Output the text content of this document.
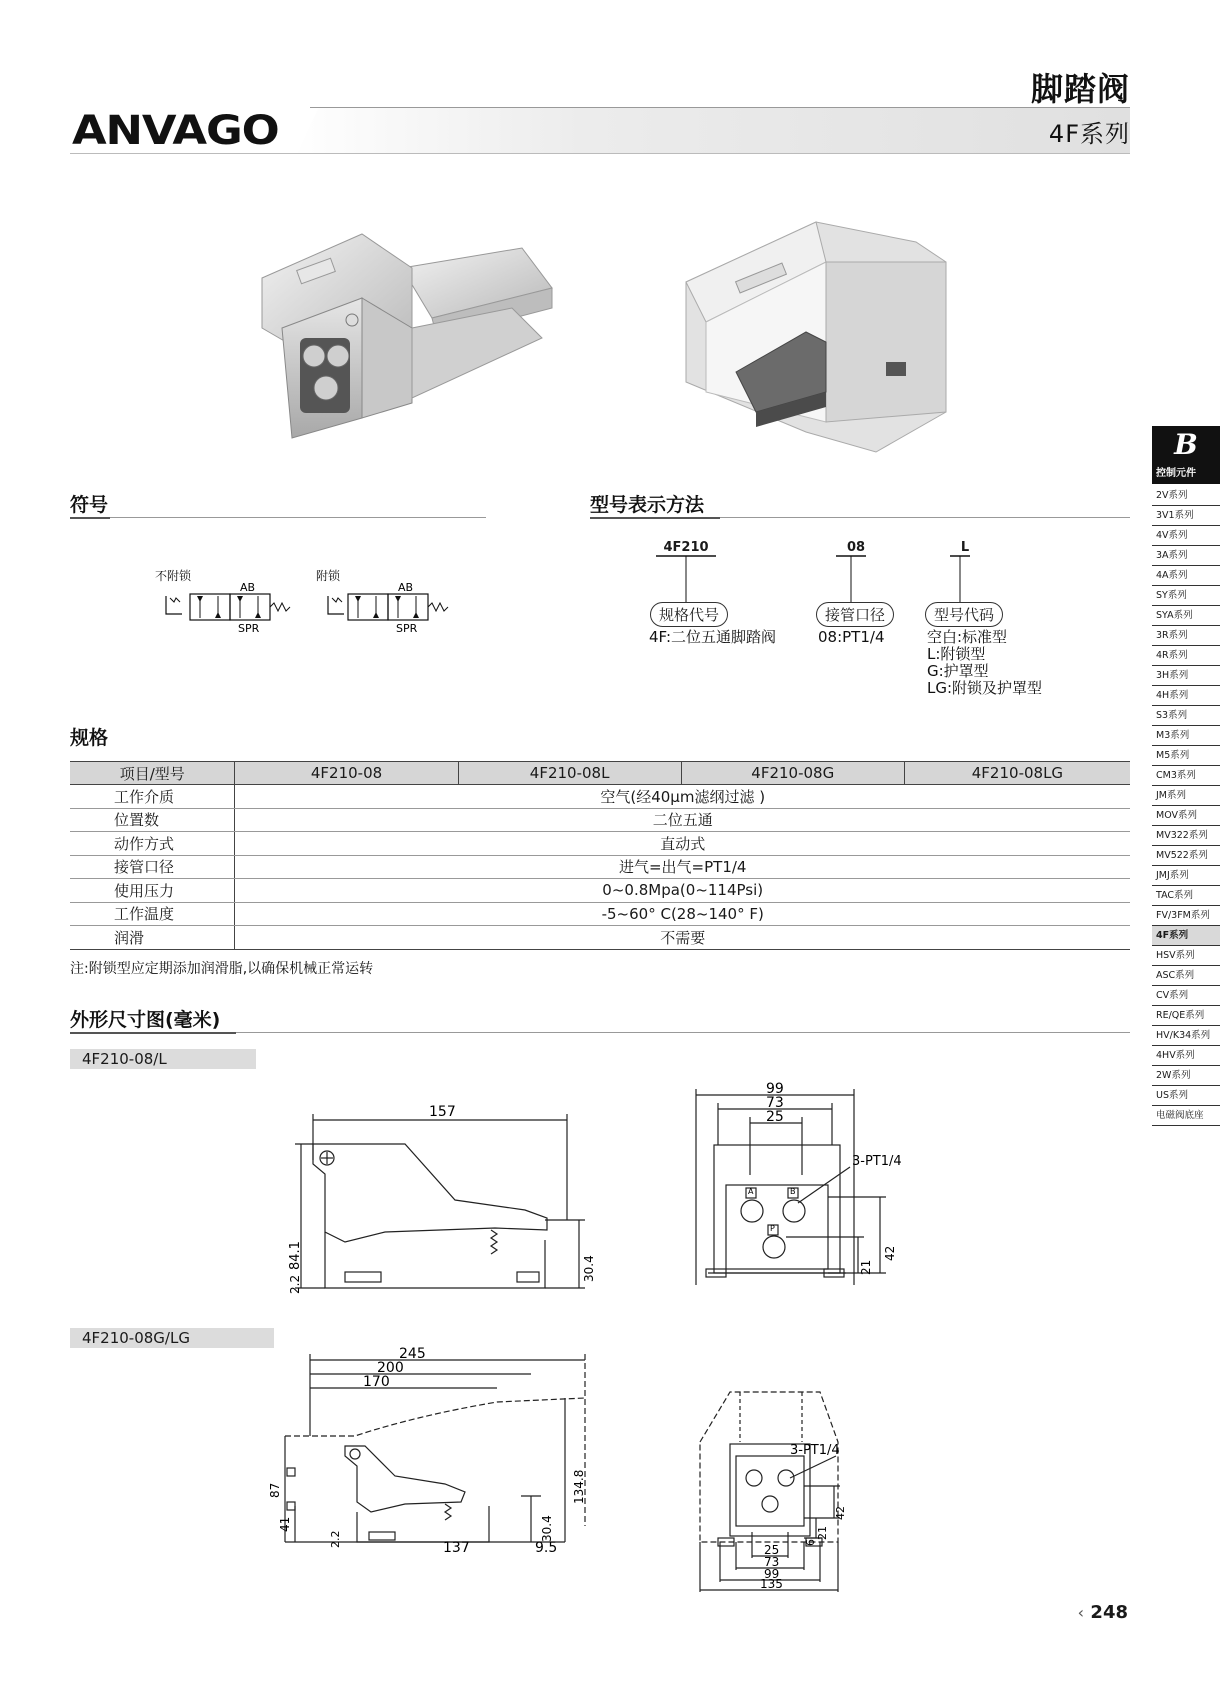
ANVAGO
脚踏阀
4F系列
B
控制元件
2V系列
3V1系列
4V系列
3A系列
4A系列
SY系列
SYA系列
3R系列
4R系列
3H系列
4H系列
S3系列
M3系列
M5系列
CM3系列
JM系列
MOV系列
MV322系列
MV522系列
JMJ系列
TAC系列
FV/3FM系列
4F系列
HSV系列
ASC系列
CV系列
RE/QE系列
HV/K34系列
4HV系列
2W系列
US系列
电磁阀底座
符号
不附锁	附锁
AB
SPR
AB
SPR
型号表示方法
4F210	08	L
规格代号	接管口径	型号代码
4F:二位五通脚踏阀	08:PT1/4	空白:标准型
L:附锁型
G:护罩型
LG:附锁及护罩型
规格
项目/型号	4F210-08	4F210-08L	4F210-08G	4F210-08LG
工作介质	空气(经40μm滤纲过滤 )			
位置数	二位五通			
动作方式	直动式			
接管口径	进气=出气=PT1/4			
使用压力	0~0.8Mpa(0~114Psi)			
工作温度	-5~60° C(28~140° F)			
润滑	不需要			
注:附锁型应定期添加润滑脂,以确保机械正常运转
外形尺寸图(毫米)
4F210-08/L
4F210-08G/LG
157
84.1
2.2
30.4
99
73
25
3-PT1/4
A	B
P
42
21
245
200
170
137	9.5
87
41
2.2
134.8
30.4
3-PT1/4
25
73
99
135
42
21
6
‹ 248
